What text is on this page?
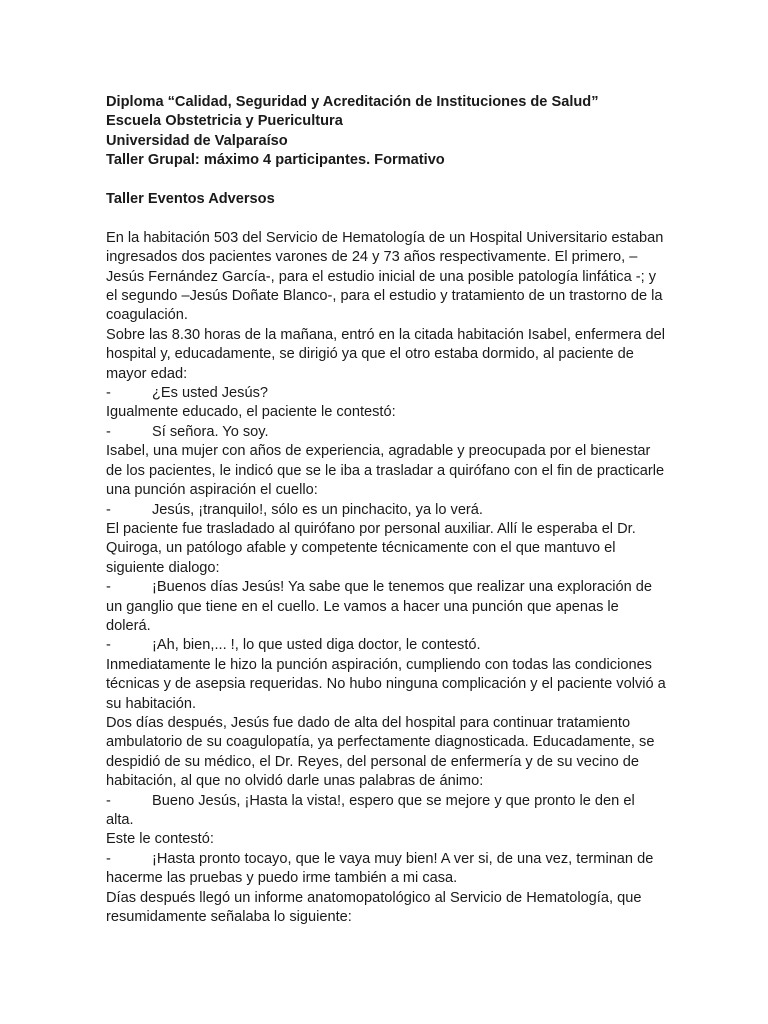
Diploma “Calidad, Seguridad y Acreditación de Instituciones de Salud”
Escuela Obstetricia y Puericultura
Universidad de Valparaíso
Taller Grupal: máximo 4 participantes. Formativo
Taller Eventos Adversos

En la habitación 503 del Servicio de Hematología de un Hospital Universitario estaban ingresados dos pacientes varones de 24 y 73 años respectivamente. El primero, –Jesús Fernández García-, para el estudio inicial de una posible patología linfática -; y el segundo –Jesús Doñate Blanco-, para el estudio y tratamiento de un trastorno de la coagulación.

Sobre las 8.30 horas de la mañana, entró en la citada habitación Isabel, enfermera del hospital y, educadamente, se dirigió ya que el otro estaba dormido, al paciente de mayor edad:

-	¿Es usted Jesús?

Igualmente educado, el paciente le contestó:

-	Sí señora. Yo soy.

Isabel, una mujer con años de experiencia, agradable y preocupada por el bienestar de los pacientes, le indicó que se le iba a trasladar a quirófano con el fin de practicarle una punción aspiración el cuello:

-	Jesús, ¡tranquilo!, sólo es un pinchacito, ya lo verá.

El paciente fue trasladado al quirófano por personal auxiliar. Allí le esperaba el Dr. Quiroga, un patólogo afable y competente técnicamente con el que mantuvo el siguiente dialogo:

-	¡Buenos días Jesús! Ya sabe que le tenemos que realizar una exploración de un ganglio que tiene en el cuello. Le vamos a hacer una punción que apenas le dolerá.

-	¡Ah, bien,... !, lo que usted diga doctor, le contestó.

Inmediatamente le hizo la punción aspiración, cumpliendo con todas las condiciones técnicas y de asepsia requeridas. No hubo ninguna complicación y el paciente volvió a su habitación.

Dos días después, Jesús fue dado de alta del hospital para continuar tratamiento ambulatorio de su coagulopatía, ya perfectamente diagnosticada. Educadamente, se despidió de su médico, el Dr. Reyes, del personal de enfermería y de su vecino de habitación, al que no olvidó darle unas palabras de ánimo:

-	Bueno Jesús, ¡Hasta la vista!, espero que se mejore y que pronto le den el alta.

Este le contestó:

-	¡Hasta pronto tocayo, que le vaya muy bien! A ver si, de una vez, terminan de hacerme las pruebas y puedo irme también a mi casa.

Días después llegó un informe anatomopatológico al Servicio de Hematología, que resumidamente señalaba lo siguiente:
